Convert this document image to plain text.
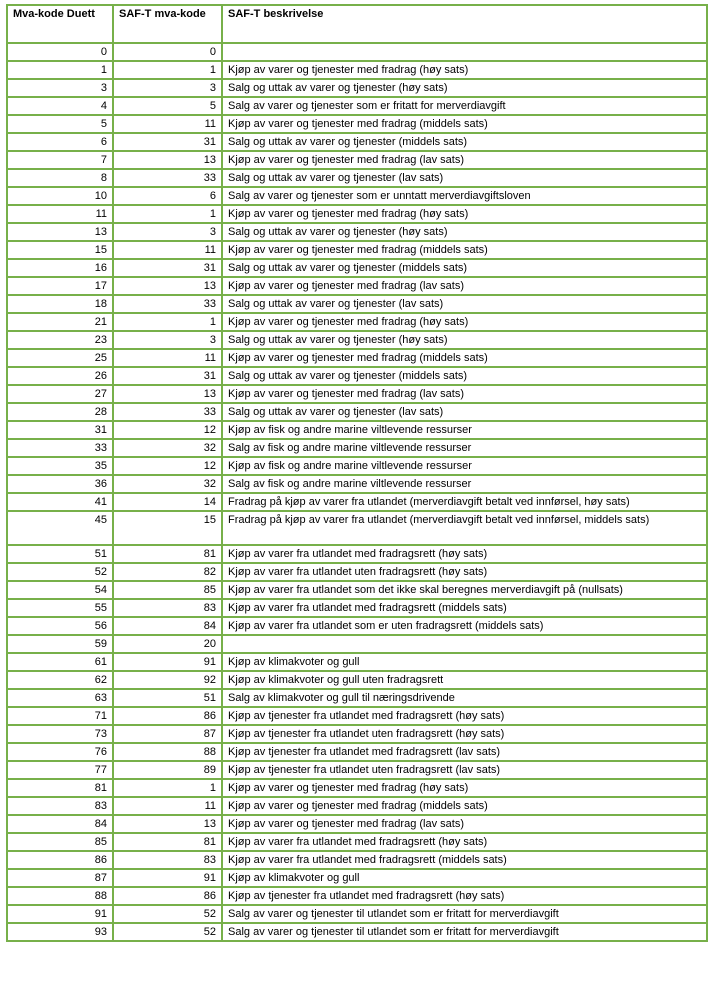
Mva-kode Duett	SAF-T mva-kode	SAF-T beskrivelse
0	0	
1	1	Kjøp av varer og tjenester med fradrag (høy sats)
3	3	Salg og uttak av varer og tjenester (høy sats)
4	5	Salg av varer og tjenester som er fritatt for merverdiavgift
5	11	Kjøp av varer og tjenester med fradrag (middels sats)
6	31	Salg og uttak av varer og tjenester (middels sats)
7	13	Kjøp av varer og tjenester med fradrag (lav sats)
8	33	Salg og uttak av varer og tjenester (lav sats)
10	6	Salg av varer og tjenester som er unntatt merverdiavgiftsloven
11	1	Kjøp av varer og tjenester med fradrag (høy sats)
13	3	Salg og uttak av varer og tjenester (høy sats)
15	11	Kjøp av varer og tjenester med fradrag (middels sats)
16	31	Salg og uttak av varer og tjenester (middels sats)
17	13	Kjøp av varer og tjenester med fradrag (lav sats)
18	33	Salg og uttak av varer og tjenester (lav sats)
21	1	Kjøp av varer og tjenester med fradrag (høy sats)
23	3	Salg og uttak av varer og tjenester (høy sats)
25	11	Kjøp av varer og tjenester med fradrag (middels sats)
26	31	Salg og uttak av varer og tjenester (middels sats)
27	13	Kjøp av varer og tjenester med fradrag (lav sats)
28	33	Salg og uttak av varer og tjenester (lav sats)
31	12	Kjøp av fisk og andre marine viltlevende ressurser
33	32	Salg av fisk og andre marine viltlevende ressurser
35	12	Kjøp av fisk og andre marine viltlevende ressurser
36	32	Salg av fisk og andre marine viltlevende ressurser
41	14	Fradrag på kjøp av varer fra utlandet (merverdiavgift betalt ved innførsel, høy sats)
45	15	Fradrag på kjøp av varer fra utlandet (merverdiavgift betalt ved innførsel, middels sats)
51	81	Kjøp av varer fra utlandet med fradragsrett (høy sats)
52	82	Kjøp av varer fra utlandet uten fradragsrett (høy sats)
54	85	Kjøp av varer fra utlandet som det ikke skal beregnes merverdiavgift på (nullsats)
55	83	Kjøp av varer fra utlandet med fradragsrett (middels sats)
56	84	Kjøp av varer fra utlandet som er uten fradragsrett (middels sats)
59	20	
61	91	Kjøp av klimakvoter og gull
62	92	Kjøp av klimakvoter og gull uten fradragsrett
63	51	Salg av klimakvoter og gull til næringsdrivende
71	86	Kjøp av tjenester fra utlandet med fradragsrett (høy sats)
73	87	Kjøp av tjenester fra utlandet uten fradragsrett (høy sats)
76	88	Kjøp av tjenester fra utlandet med fradragsrett (lav sats)
77	89	Kjøp av tjenester fra utlandet uten fradragsrett (lav sats)
81	1	Kjøp av varer og tjenester med fradrag (høy sats)
83	11	Kjøp av varer og tjenester med fradrag (middels sats)
84	13	Kjøp av varer og tjenester med fradrag (lav sats)
85	81	Kjøp av varer fra utlandet med fradragsrett (høy sats)
86	83	Kjøp av varer fra utlandet med fradragsrett (middels sats)
87	91	Kjøp av klimakvoter og gull
88	86	Kjøp av tjenester fra utlandet med fradragsrett (høy sats)
91	52	Salg av varer og tjenester til utlandet som er fritatt for merverdiavgift
93	52	Salg av varer og tjenester til utlandet som er fritatt for merverdiavgift
